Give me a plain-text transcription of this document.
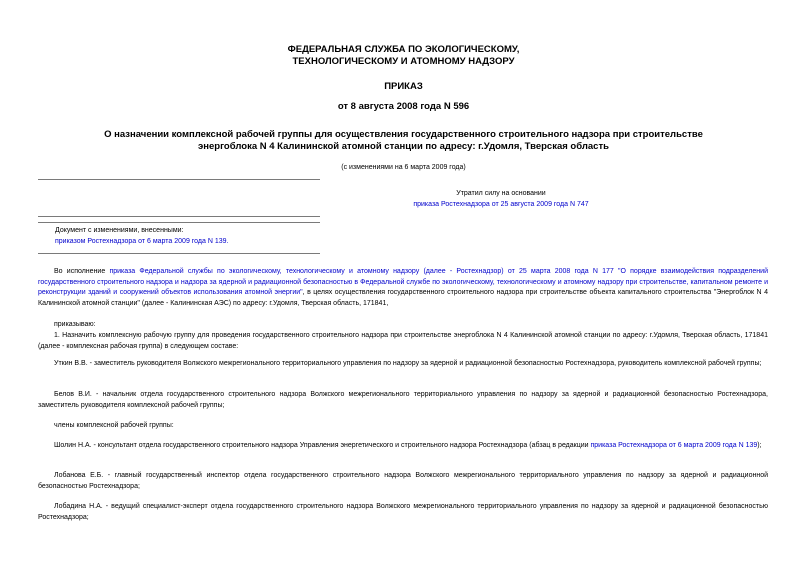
ФЕДЕРАЛЬНАЯ СЛУЖБА ПО ЭКОЛОГИЧЕСКОМУ,
ТЕХНОЛОГИЧЕСКОМУ И АТОМНОМУ НАДЗОРУ
ПРИКАЗ
от 8 августа 2008 года N 596
О назначении комплексной рабочей группы для осуществления государственного строительного надзора при строительстве энергоблока N 4 Калининской атомной станции по адресу: г.Удомля, Тверская область
(с изменениями на 6 марта 2009 года)
Утратил силу на основании
приказа Ростехнадзора от 25 августа 2009 года N 747
Документ с изменениями, внесенными:
приказом Ростехнадзора от 6 марта 2009 года N 139.
Во исполнение приказа Федеральной службы по экологическому, технологическому и атомному надзору (далее - Ростехнадзор) от 25 марта 2008 года N 177 "О порядке взаимодействия подразделений государственного строительного надзора и надзора за ядерной и радиационной безопасностью в Федеральной службе по экологическому, технологическому и атомному надзору при строительстве, капитальном ремонте и реконструкции зданий и сооружений объектов использования атомной энергии", в целях осуществления государственного строительного надзора при строительстве объекта капитального строительства "Энергоблок N 4 Калининской атомной станции" (далее - Калининская АЭС) по адресу: г.Удомля, Тверская область, 171841,
приказываю:
1. Назначить комплексную рабочую группу для проведения государственного строительного надзора при строительстве энергоблока N 4 Калининской атомной станции по адресу: г.Удомля, Тверская область, 171841 (далее - комплексная рабочая группа) в следующем составе:
Уткин В.В. - заместитель руководителя Волжского межрегионального территориального управления по надзору за ядерной и радиационной безопасностью Ростехнадзора, руководитель комплексной рабочей группы;
Белов В.И. - начальник отдела государственного строительного надзора Волжского межрегионального территориального управления по надзору за ядерной и радиационной безопасностью Ростехнадзора, заместитель руководителя комплексной рабочей группы;
члены комплексной рабочей группы:
Шолин Н.А. - консультант отдела государственного строительного надзора Управления энергетического и строительного надзора Ростехнадзора (абзац в редакции приказа Ростехнадзора от 6 марта 2009 года N 139);
Лобанова Е.Б. - главный государственный инспектор отдела государственного строительного надзора Волжского межрегионального территориального управления по надзору за ядерной и радиационной безопасностью Ростехнадзора;
Лобадина Н.А. - ведущий специалист-эксперт отдела государственного строительного надзора Волжского межрегионального территориального управления по надзору за ядерной и радиационной безопасностью Ростехнадзора;
